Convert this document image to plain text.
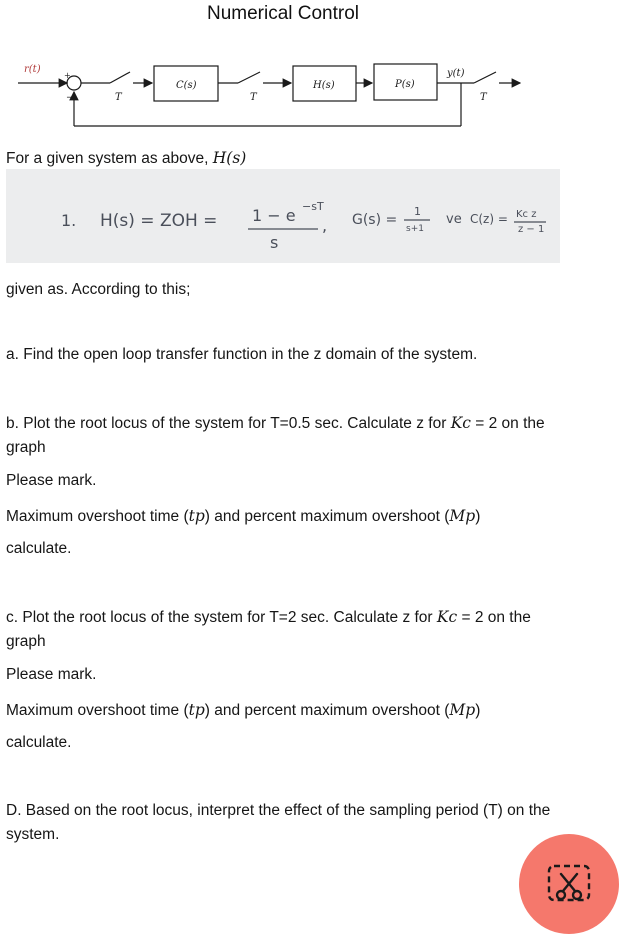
Numerical Control
r(t)
+
−	T	T	T
C(s)	H(s)	P(s)
y(t)
For a given system as above, H(s)
1. H(s) = ZOH = 1 − e −sT
s
, G(s) =
1
s+1
ve C(z) = Kc z
z − 1
given as. According to this;
a. Find the open loop transfer function in the z domain of the system.
b. Plot the root locus of the system for T=0.5 sec. Calculate z for Kc = 2 on the graph
Please mark.
Maximum overshoot time (tp) and percent maximum overshoot (Mp)
calculate.
c. Plot the root locus of the system for T=2 sec. Calculate z for Kc = 2 on the graph
Please mark.
Maximum overshoot time (tp) and percent maximum overshoot (Mp)
calculate.
D. Based on the root locus, interpret the effect of the sampling period (T) on the system.
